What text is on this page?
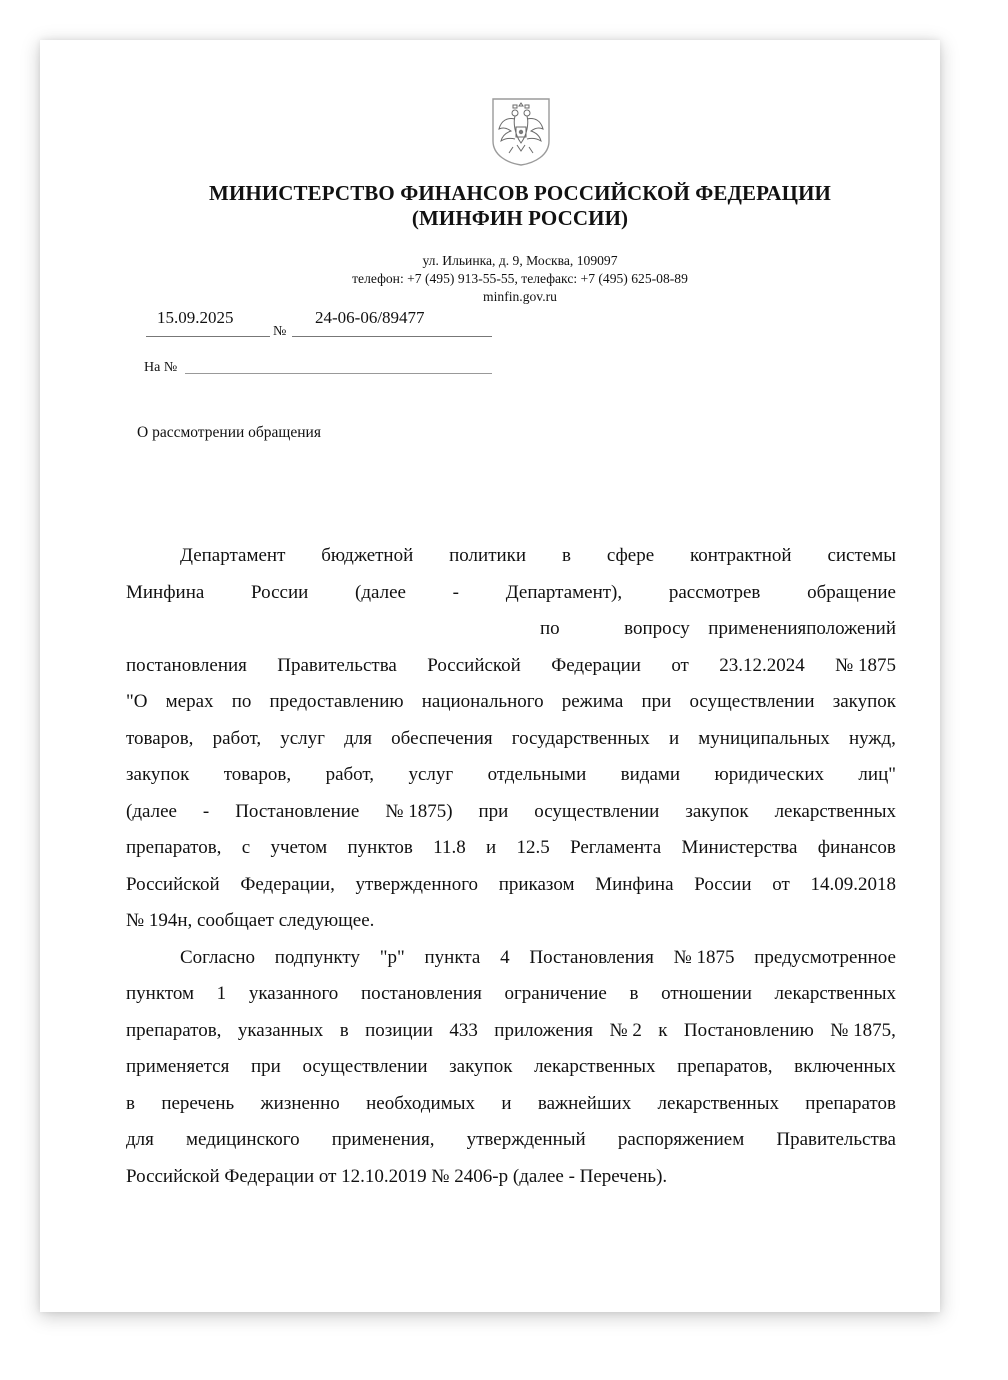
МИНИСТЕРСТВО ФИНАНСОВ РОССИЙСКОЙ ФЕДЕРАЦИИ
(МИНФИН РОССИИ)
ул. Ильинка, д. 9, Москва, 109097
телефон: +7 (495) 913-55-55, телефакс: +7 (495) 625-08-89
minfin.gov.ru
15.09.2025
№
24-06-06/89477
На №
О рассмотрении обращения
Департамент бюджетной политики в сфере контрактной системы
Минфина России (далее - Департамент), рассмотрев обращение
по	вопросу применения положений
постановления Правительства Российской Федерации от 23.12.2024 № 1875
"О мерах по предоставлению национального режима при осуществлении закупок
товаров, работ, услуг для обеспечения государственных и муниципальных нужд,
закупок товаров, работ, услуг отдельными видами юридических лиц"
(далее - Постановление № 1875) при осуществлении закупок лекарственных
препаратов, с учетом пунктов 11.8 и 12.5 Регламента Министерства финансов
Российской Федерации, утвержденного приказом Минфина России от 14.09.2018
№ 194н, сообщает следующее.
Согласно подпункту "р" пункта 4 Постановления № 1875 предусмотренное
пунктом 1 указанного постановления ограничение в отношении лекарственных
препаратов, указанных в позиции 433 приложения № 2 к Постановлению № 1875,
применяется при осуществлении закупок лекарственных препаратов, включенных
в перечень жизненно необходимых и важнейших лекарственных препаратов
для медицинского применения, утвержденный распоряжением Правительства
Российской Федерации от 12.10.2019 № 2406-р (далее - Перечень).
